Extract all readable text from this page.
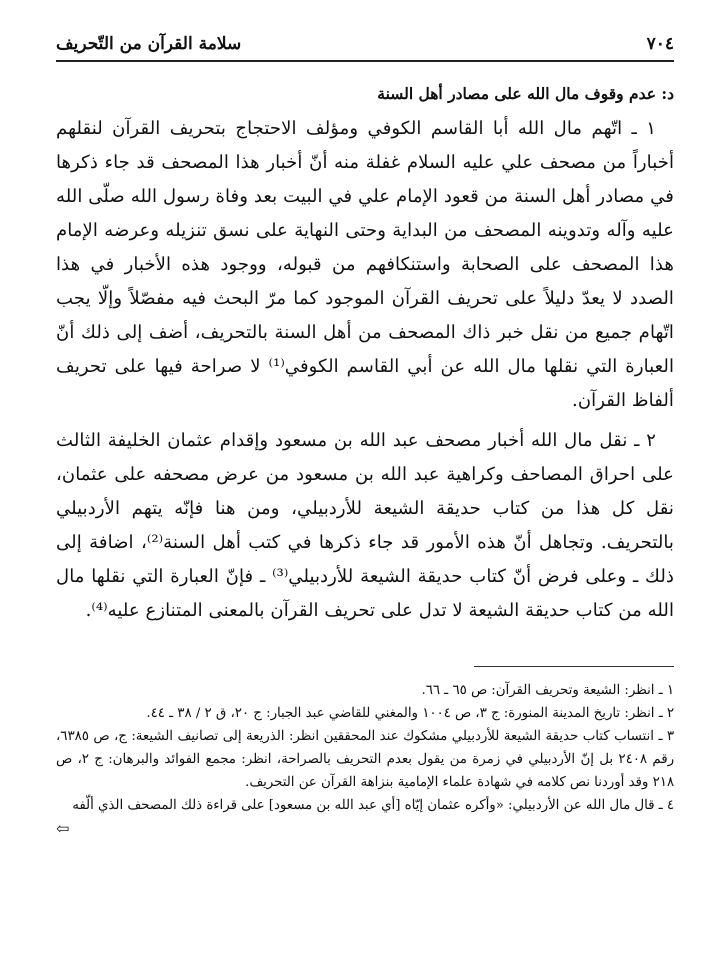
٧٠٤
سلامة القرآن من التّحريف
د: عدم وقوف مال الله على مصادر أهل السنة

١ ـ اتّهم مال الله أبا القاسم الكوفي ومؤلف الاحتجاج بتحريف القرآن لنقلهم أخباراً من مصحف علي عليه السلام غفلة منه أنّ أخبار هذا المصحف قد جاء ذكرها في مصادر أهل السنة من قعود الإمام علي في البيت بعد وفاة رسول الله صلّى الله عليه وآله وتدوينه المصحف من البداية وحتى النهاية على نسق تنزيله وعرضه الإمام هذا المصحف على الصحابة واستنكافهم من قبوله، ووجود هذه الأخبار في هذا الصدد لا يعدّ دليلاً على تحريف القرآن الموجود كما مرّ البحث فيه مفصّلاً وإلّا يجب اتّهام جميع من نقل خبر ذاك المصحف من أهل السنة بالتحريف، أضف إلى ذلك أنّ العبارة التي نقلها مال الله عن أبي القاسم الكوفي⁽¹⁾ لا صراحة فيها على تحريف ألفاظ القرآن.

٢ ـ نقل مال الله أخبار مصحف عبد الله بن مسعود وإقدام عثمان الخليفة الثالث على احراق المصاحف وكراهية عبد الله بن مسعود من عرض مصحفه على عثمان، نقل كل هذا من كتاب حديقة الشيعة للأردبيلي، ومن هنا فإنّه يتهم الأردبيلي بالتحريف. وتجاهل أنّ هذه الأمور قد جاء ذكرها في كتب أهل السنة⁽²⁾، اضافة إلى ذلك ـ وعلى فرض أنّ كتاب حديقة الشيعة للأردبيلي⁽³⁾ ـ فإنّ العبارة التي نقلها مال الله من كتاب حديقة الشيعة لا تدل على تحريف القرآن بالمعنى المتنازع عليه⁽⁴⁾.

١ ـ انظر: الشيعة وتحريف القرآن: ص ٦٥ ـ ٦٦.

٢ ـ انظر: تاريخ المدينة المنورة: ج ٣، ص ١٠٠٤ والمغني للقاضي عبد الجبار: ج ٢٠، ق ٢ / ٣٨ ـ ٤٤.

٣ ـ انتساب كتاب حديقة الشيعة للأردبيلي مشكوك عند المحققين انظر: الذريعة إلى تصانيف الشيعة: ج، ص ٦٣٨٥، رقم ٢٤٠٨ بل إنّ الأردبيلي في زمرة من يقول بعدم التحريف بالصراحة، انظر: مجمع الفوائد والبرهان: ج ٢، ص ٢١٨ وقد أوردنا نص كلامه في شهادة علماء الإمامية بنزاهة القرآن عن التحريف.

٤ ـ قال مال الله عن الأردبيلي: «وأكره عثمان إيّاه [أي عبد الله بن مسعود] على قراءة ذلك المصحف الذي ألّفه

⇦
